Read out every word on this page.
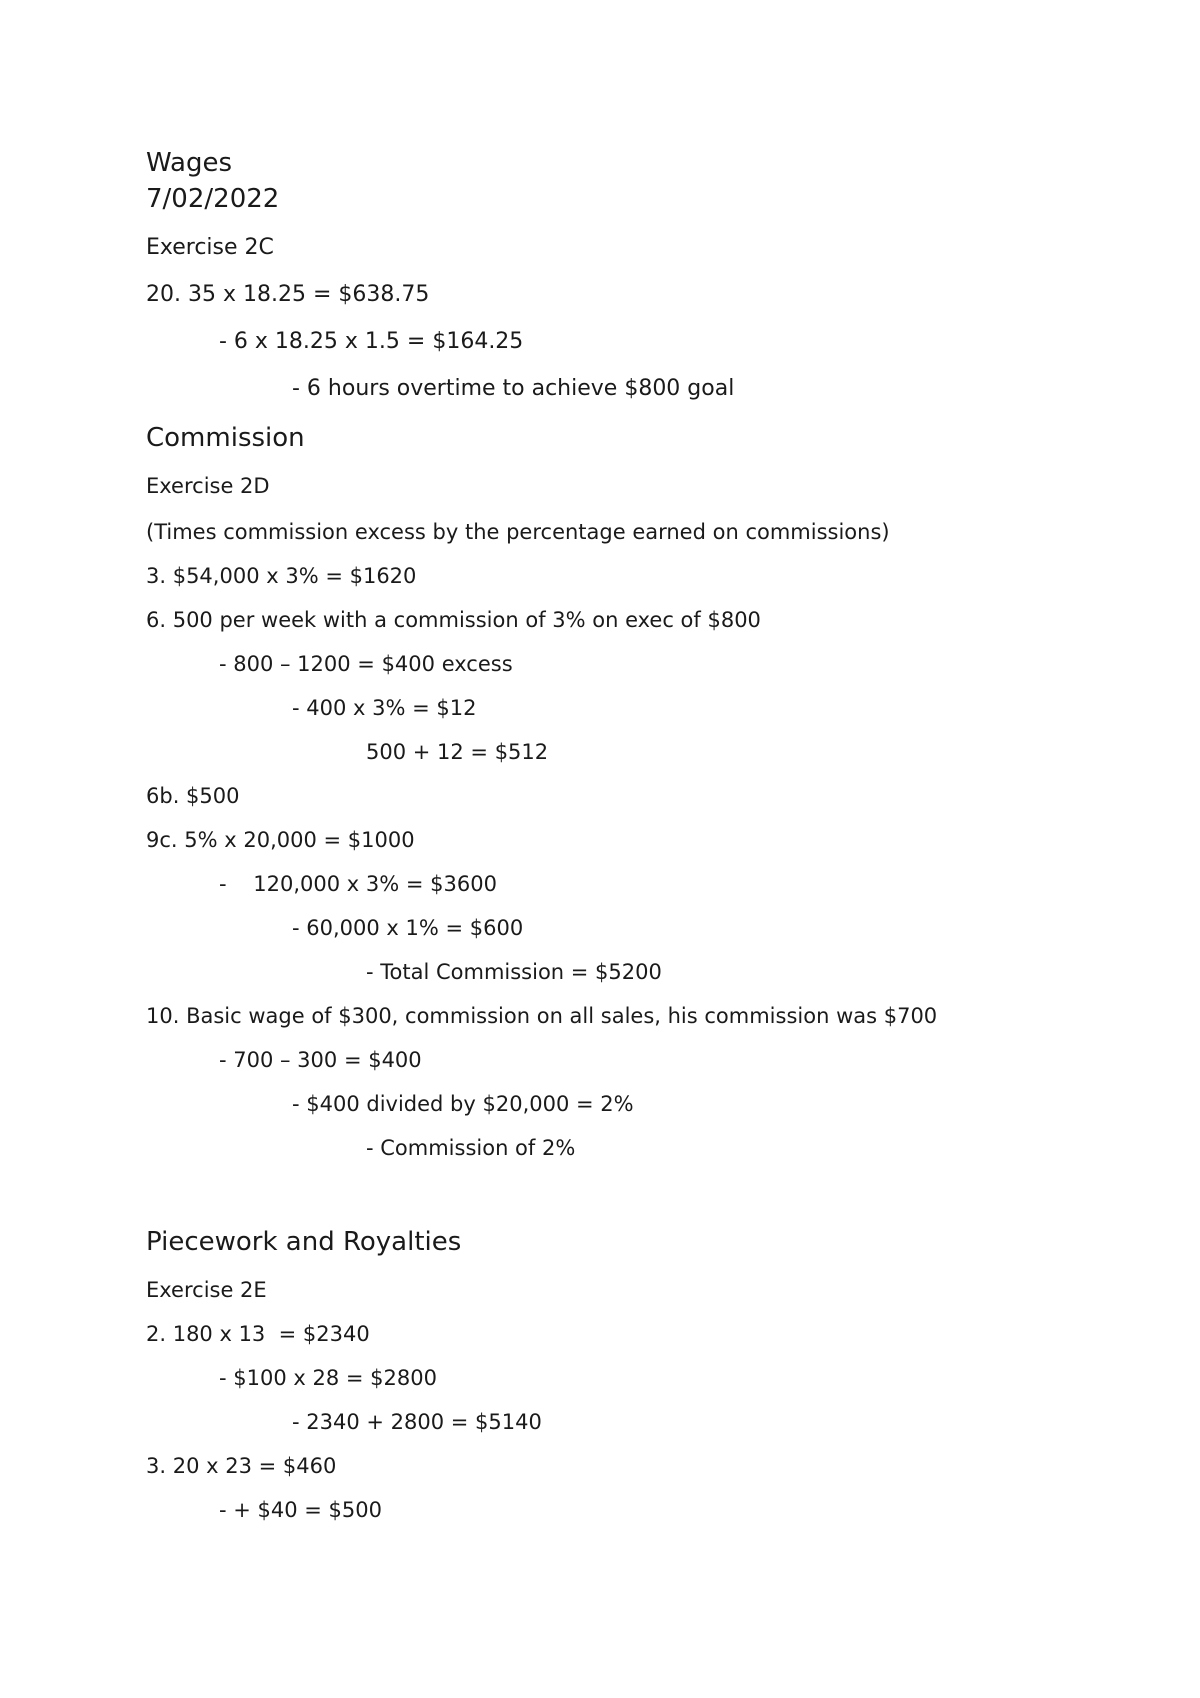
Wages
7/02/2022
Exercise 2C
20. 35 x 18.25 = $638.75
- 6 x 18.25 x 1.5 = $164.25
- 6 hours overtime to achieve $800 goal
Commission
Exercise 2D
(Times commission excess by the percentage earned on commissions)
3. $54,000 x 3% = $1620
6. 500 per week with a commission of 3% on exec of $800
- 800 – 1200 = $400 excess
- 400 x 3% = $12
500 + 12 = $512
6b. $500
9c. 5% x 20,000 = $1000
-    120,000 x 3% = $3600
- 60,000 x 1% = $600
- Total Commission = $5200
10. Basic wage of $300, commission on all sales, his commission was $700
- 700 – 300 = $400
- $400 divided by $20,000 = 2%
- Commission of 2%
Piecework and Royalties
Exercise 2E
2. 180 x 13  = $2340
- $100 x 28 = $2800
- 2340 + 2800 = $5140
3. 20 x 23 = $460
- + $40 = $500
